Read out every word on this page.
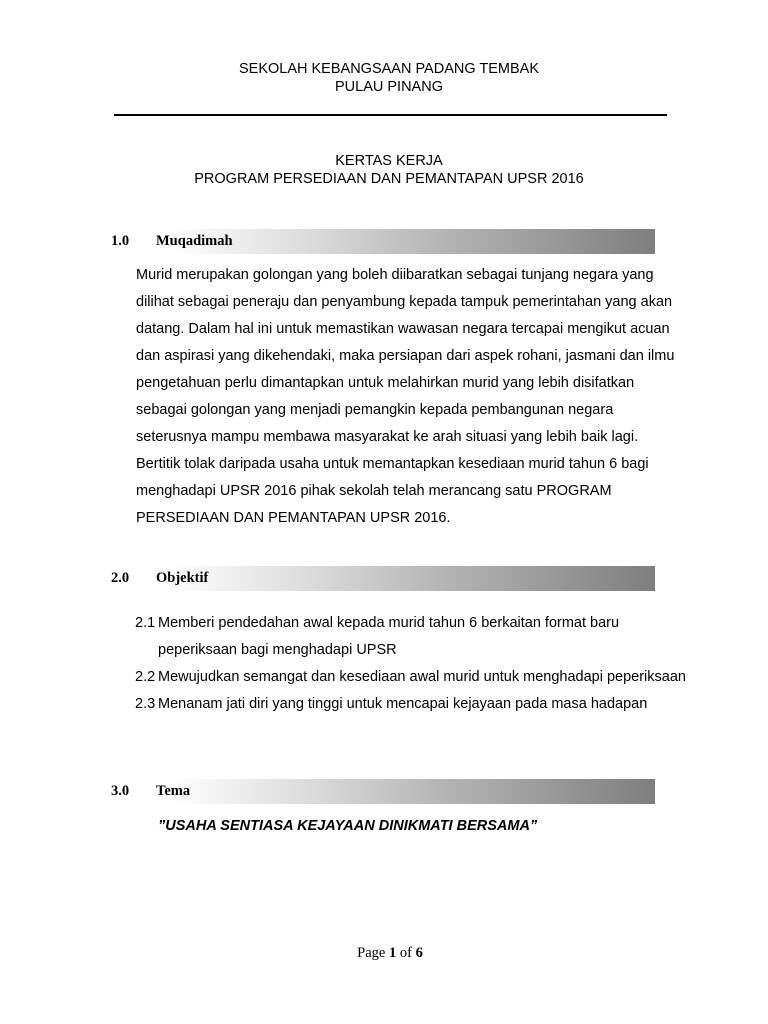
SEKOLAH KEBANGSAAN PADANG TEMBAK
PULAU PINANG
KERTAS KERJA
PROGRAM PERSEDIAAN DAN PEMANTAPAN UPSR 2016
1.0 Muqadimah
Murid merupakan golongan yang boleh diibaratkan sebagai tunjang negara yang dilihat sebagai peneraju dan penyambung kepada tampuk pemerintahan yang akan datang. Dalam hal ini untuk memastikan wawasan negara tercapai mengikut acuan dan aspirasi yang dikehendaki, maka persiapan dari aspek rohani, jasmani dan ilmu pengetahuan perlu dimantapkan untuk melahirkan murid yang lebih disifatkan sebagai golongan yang menjadi pemangkin kepada pembangunan negara seterusnya mampu membawa masyarakat ke arah situasi yang lebih baik lagi. Bertitik tolak daripada usaha untuk memantapkan kesediaan murid tahun 6 bagi menghadapi UPSR 2016 pihak sekolah telah merancang satu PROGRAM PERSEDIAAN DAN PEMANTAPAN UPSR 2016.
2.0 Objektif
2.1 Memberi pendedahan awal kepada murid tahun 6 berkaitan format baru peperiksaan bagi menghadapi UPSR
2.2 Mewujudkan semangat dan kesediaan awal murid untuk menghadapi peperiksaan
2.3 Menanam jati diri yang tinggi untuk mencapai kejayaan pada masa hadapan
3.0 Tema
”USAHA SENTIASA KEJAYAAN DINIKMATI BERSAMA”
Page 1 of 6
